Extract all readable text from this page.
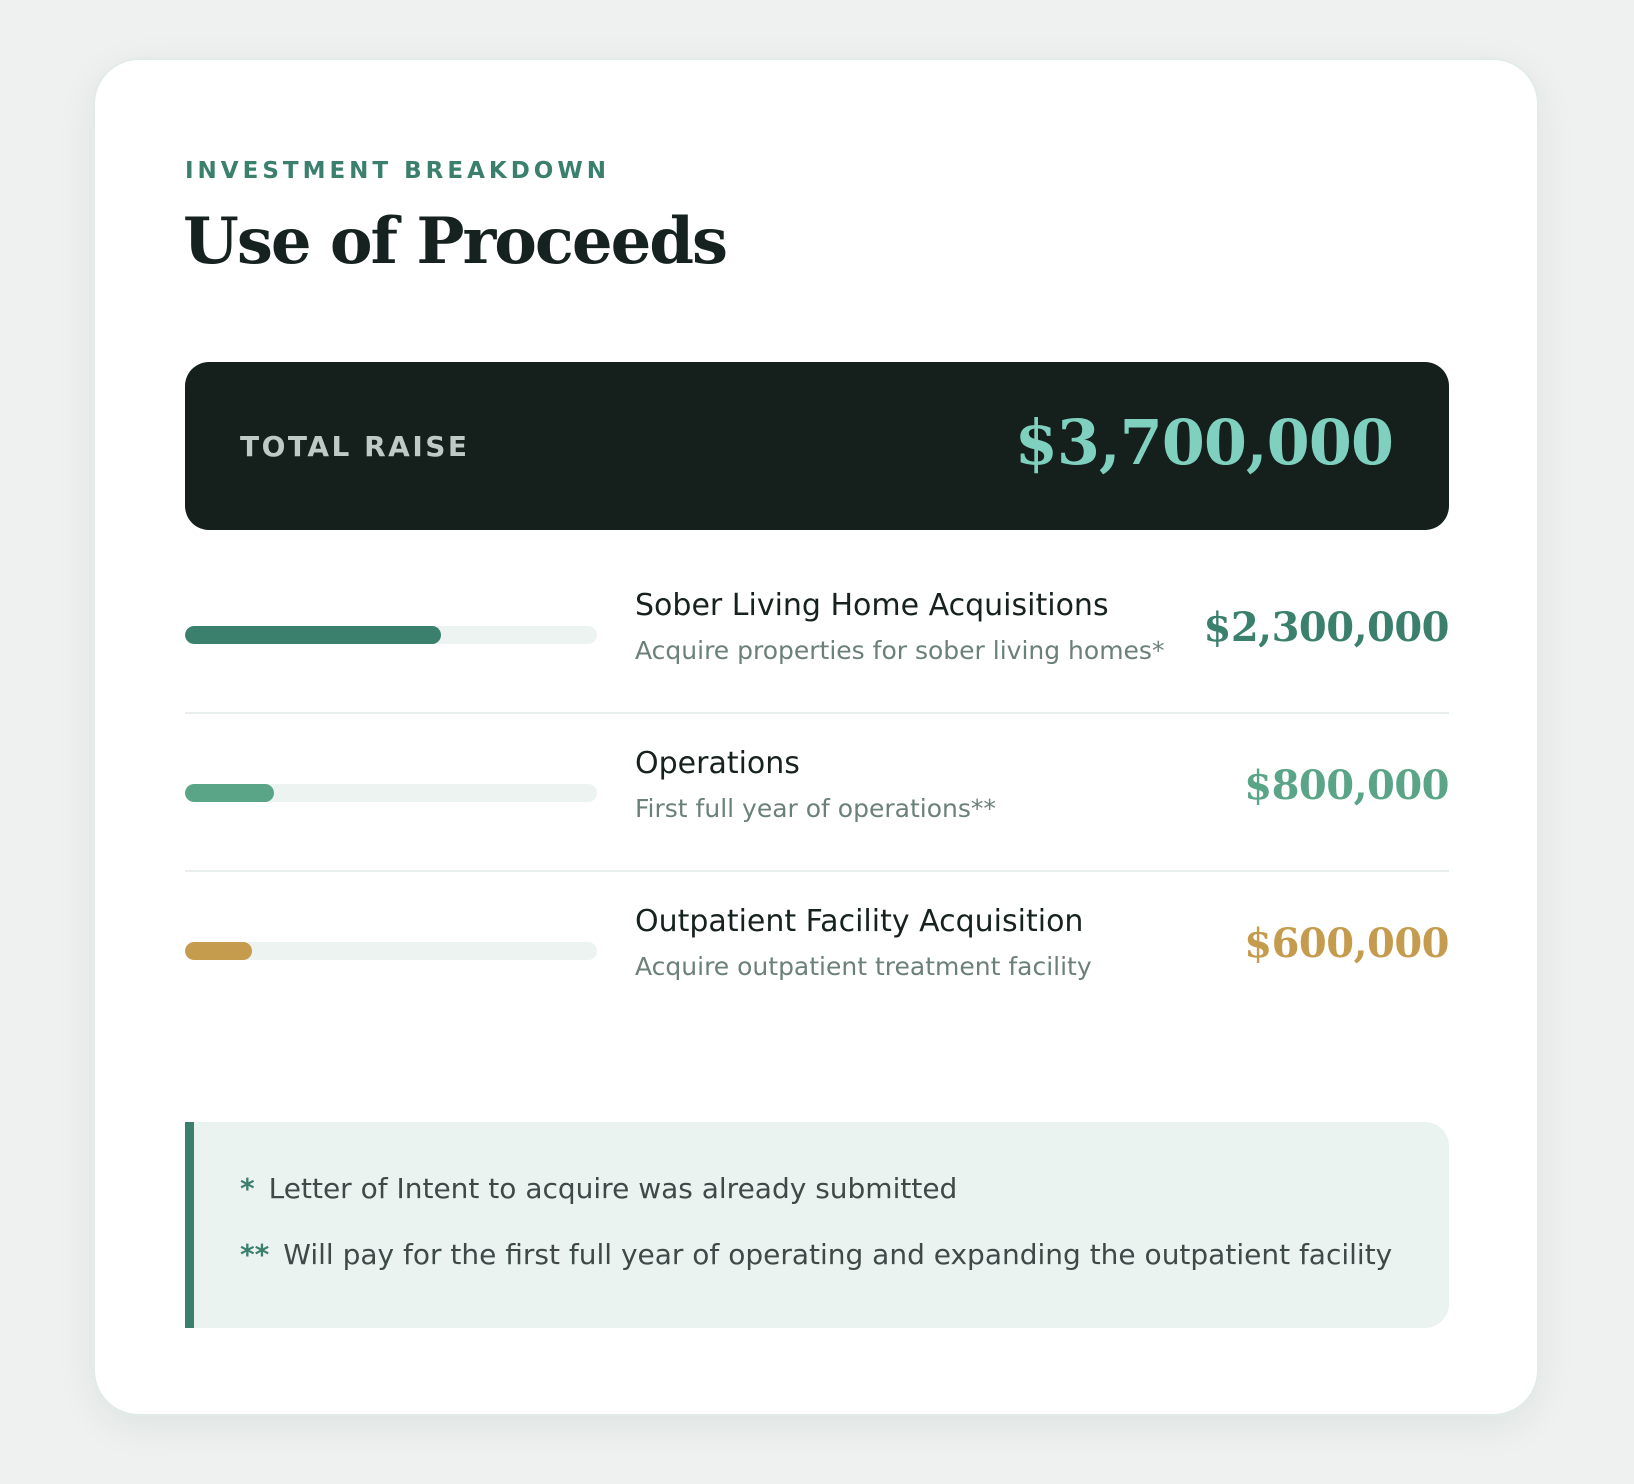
INVESTMENT BREAKDOWN
Use of Proceeds
TOTAL RAISE	$3,700,000
Sober Living Home Acquisitions
Acquire properties for sober living homes* $2,300,000
Operations
First full year of operations**	$800,000
Outpatient Facility Acquisition
Acquire outpatient treatment facility	$600,000
* Letter of Intent to acquire was already submitted
** Will pay for the first full year of operating and expanding the outpatient facility
